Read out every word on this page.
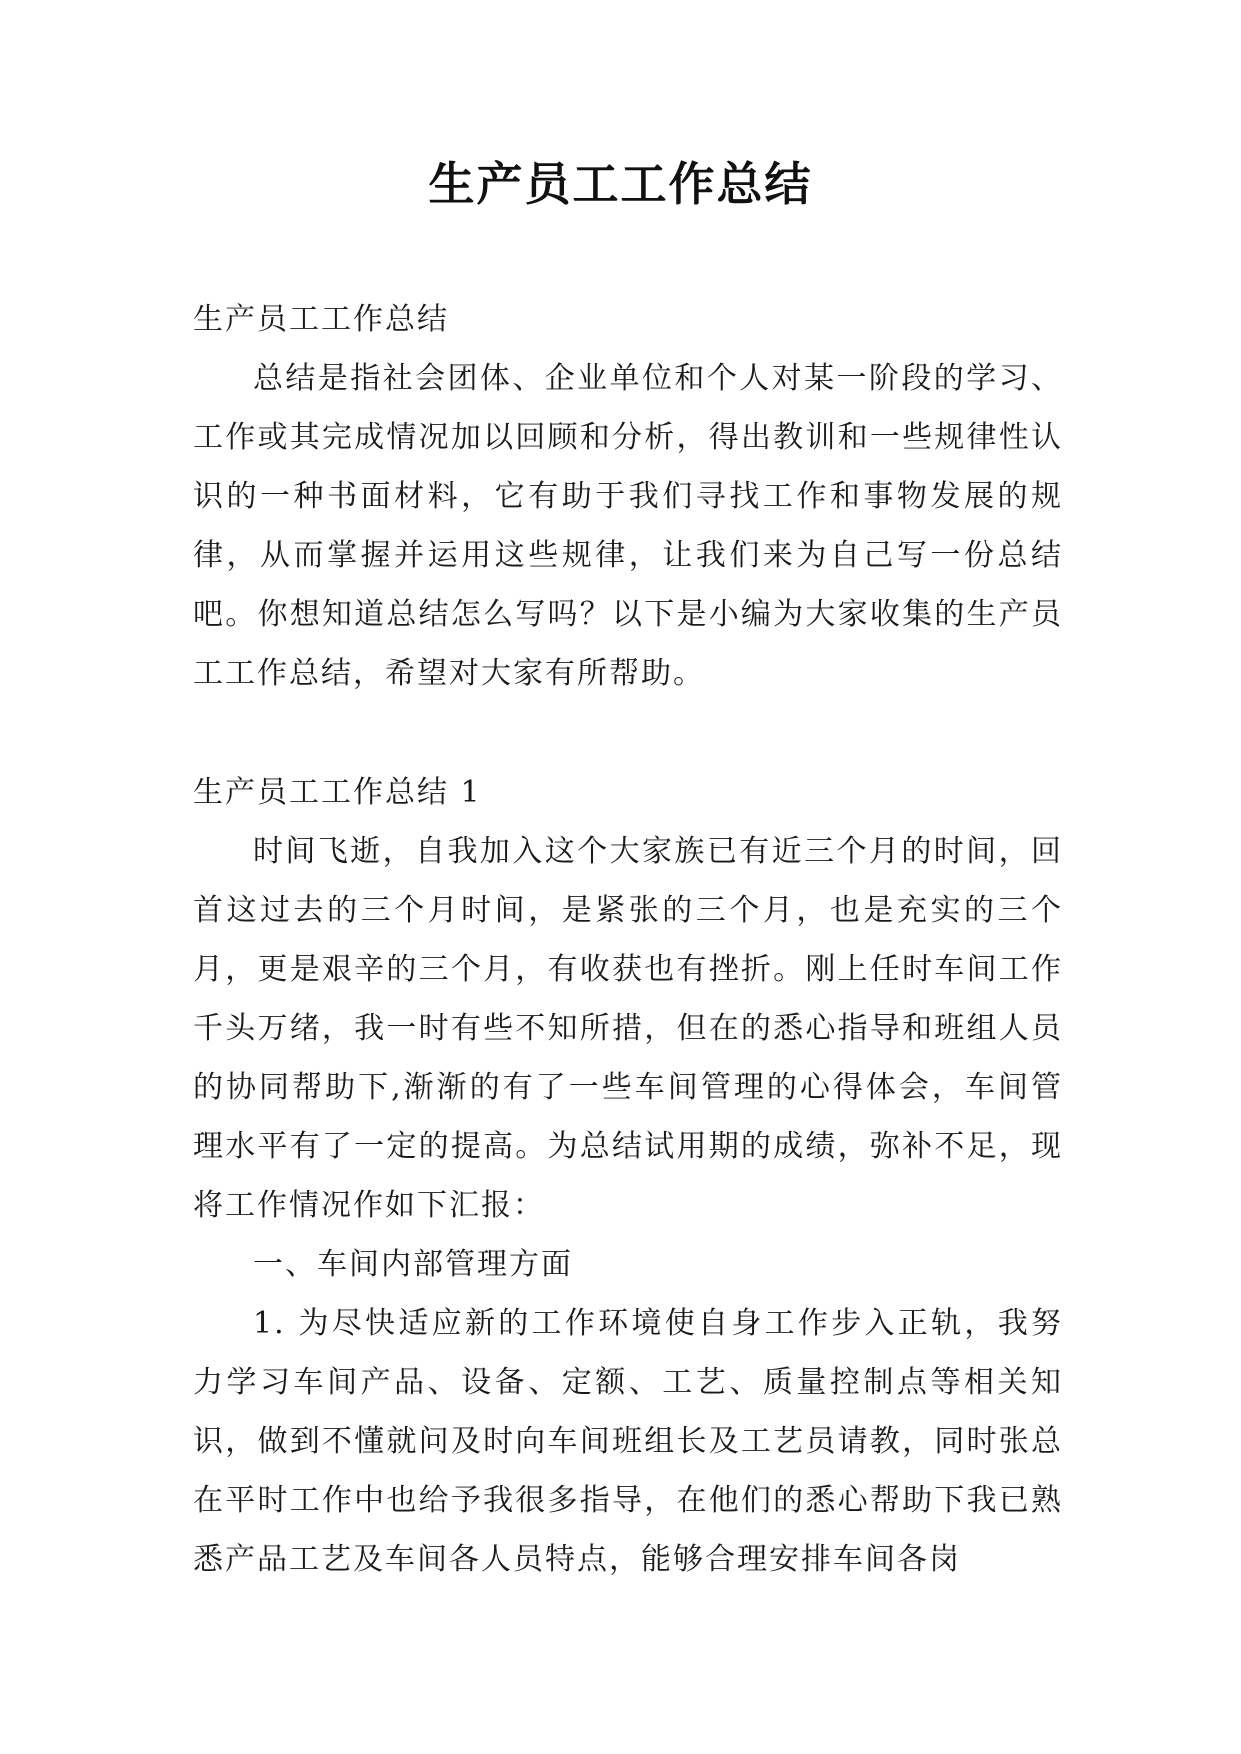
生产员工工作总结

生产员工工作总结

总结是指社会团体、企业单位和个人对某一阶段的学习、工作或其完成情况加以回顾和分析，得出教训和一些规律性认识的一种书面材料，它有助于我们寻找工作和事物发展的规律，从而掌握并运用这些规律，让我们来为自己写一份总结吧。你想知道总结怎么写吗？以下是小编为大家收集的生产员工工作总结，希望对大家有所帮助。

生产员工工作总结 1

时间飞逝，自我加入这个大家族已有近三个月的时间，回首这过去的三个月时间，是紧张的三个月，也是充实的三个月，更是艰辛的三个月，有收获也有挫折。刚上任时车间工作千头万绪，我一时有些不知所措，但在的悉心指导和班组人员的协同帮助下,渐渐的有了一些车间管理的心得体会，车间管理水平有了一定的提高。为总结试用期的成绩，弥补不足，现将工作情况作如下汇报：

一、车间内部管理方面

1. 为尽快适应新的工作环境使自身工作步入正轨，我努力学习车间产品、设备、定额、工艺、质量控制点等相关知识，做到不懂就问及时向车间班组长及工艺员请教，同时张总在平时工作中也给予我很多指导，在他们的悉心帮助下我已熟悉产品工艺及车间各人员特点，能够合理安排车间各岗
